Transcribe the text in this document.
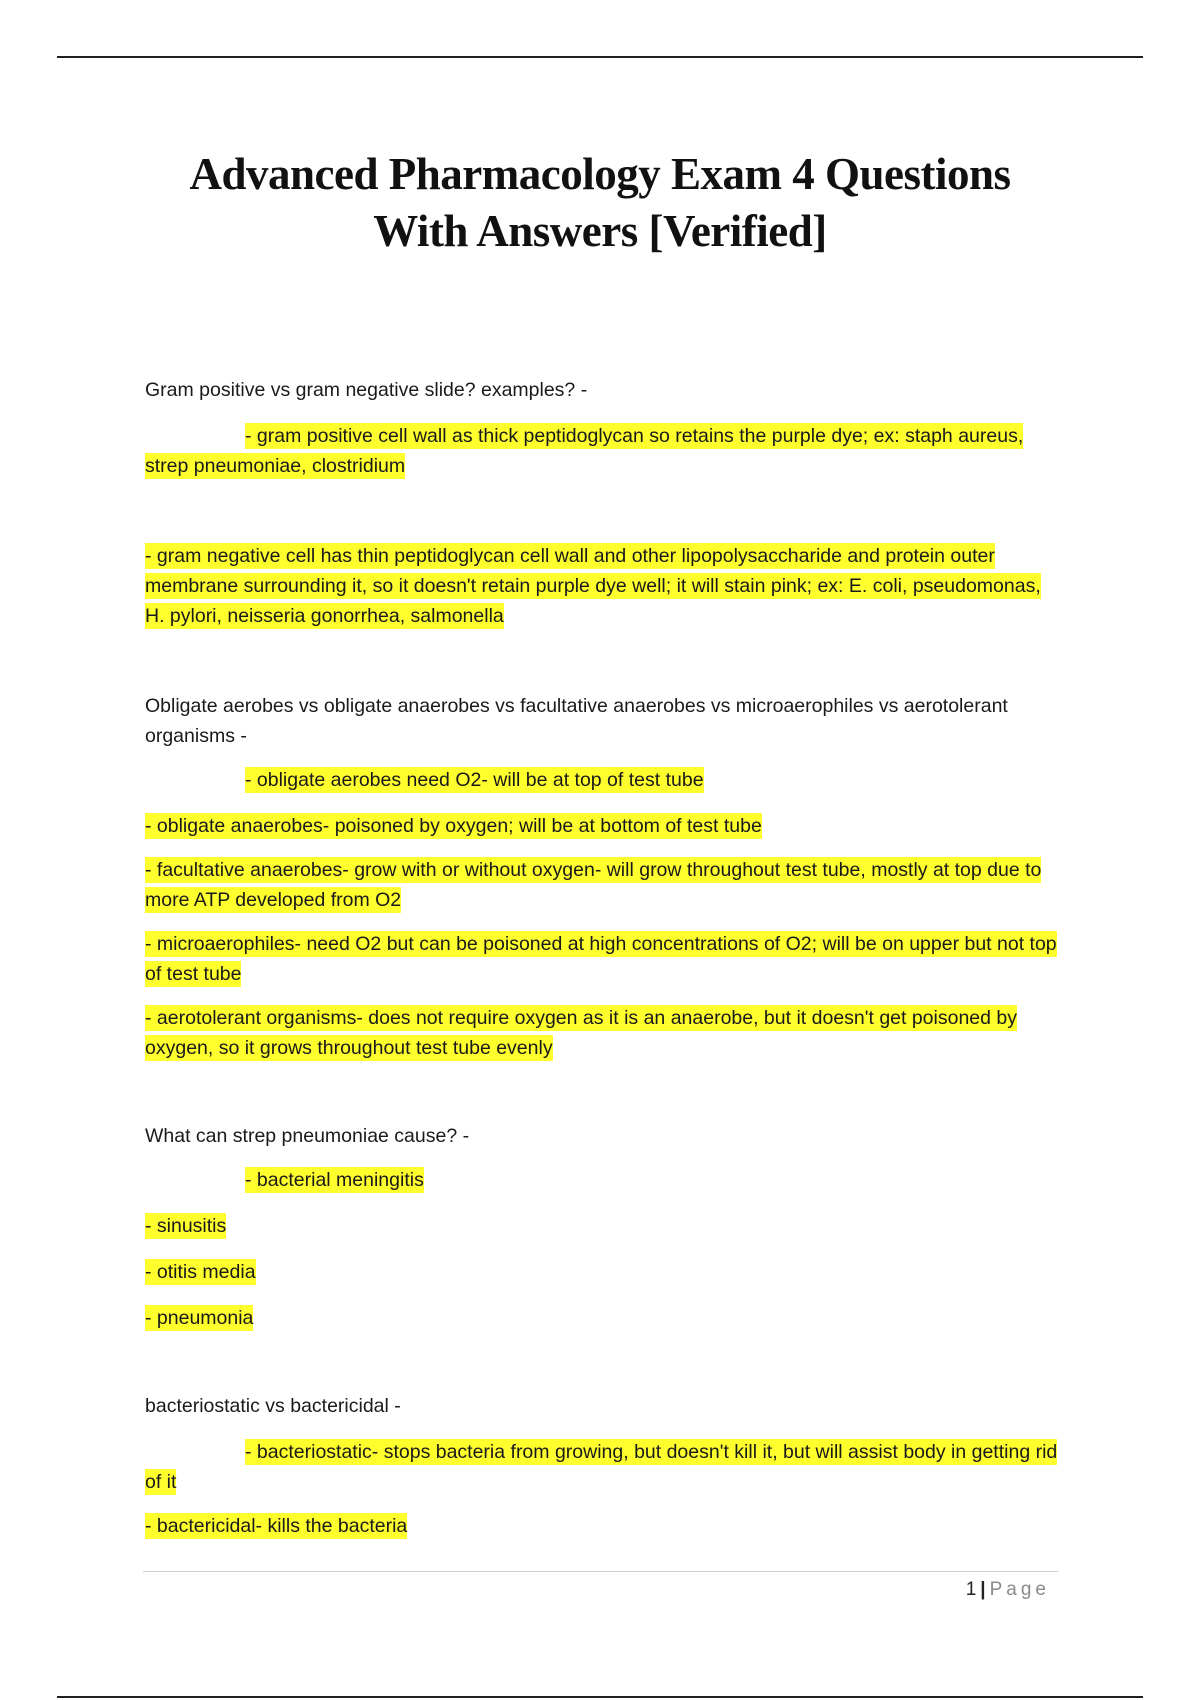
Advanced Pharmacology Exam 4 Questions
With Answers [Verified]

Gram positive vs gram negative slide? examples? -

- gram positive cell wall as thick peptidoglycan so retains the purple dye; ex: staph aureus, strep pneumoniae, clostridium

- gram negative cell has thin peptidoglycan cell wall and other lipopolysaccharide and protein outer membrane surrounding it, so it doesn't retain purple dye well; it will stain pink; ex: E. coli, pseudomonas, H. pylori, neisseria gonorrhea, salmonella

Obligate aerobes vs obligate anaerobes vs facultative anaerobes vs microaerophiles vs aerotolerant organisms -

- obligate aerobes need O2- will be at top of test tube

- obligate anaerobes- poisoned by oxygen; will be at bottom of test tube

- facultative anaerobes- grow with or without oxygen- will grow throughout test tube, mostly at top due to more ATP developed from O2

- microaerophiles- need O2 but can be poisoned at high concentrations of O2; will be on upper but not top of test tube

- aerotolerant organisms- does not require oxygen as it is an anaerobe, but it doesn't get poisoned by oxygen, so it grows throughout test tube evenly

What can strep pneumoniae cause? -

- bacterial meningitis

- sinusitis

- otitis media

- pneumonia

bacteriostatic vs bactericidal -

- bacteriostatic- stops bacteria from growing, but doesn't kill it, but will assist body in getting rid of it

- bactericidal- kills the bacteria

1 | Page
